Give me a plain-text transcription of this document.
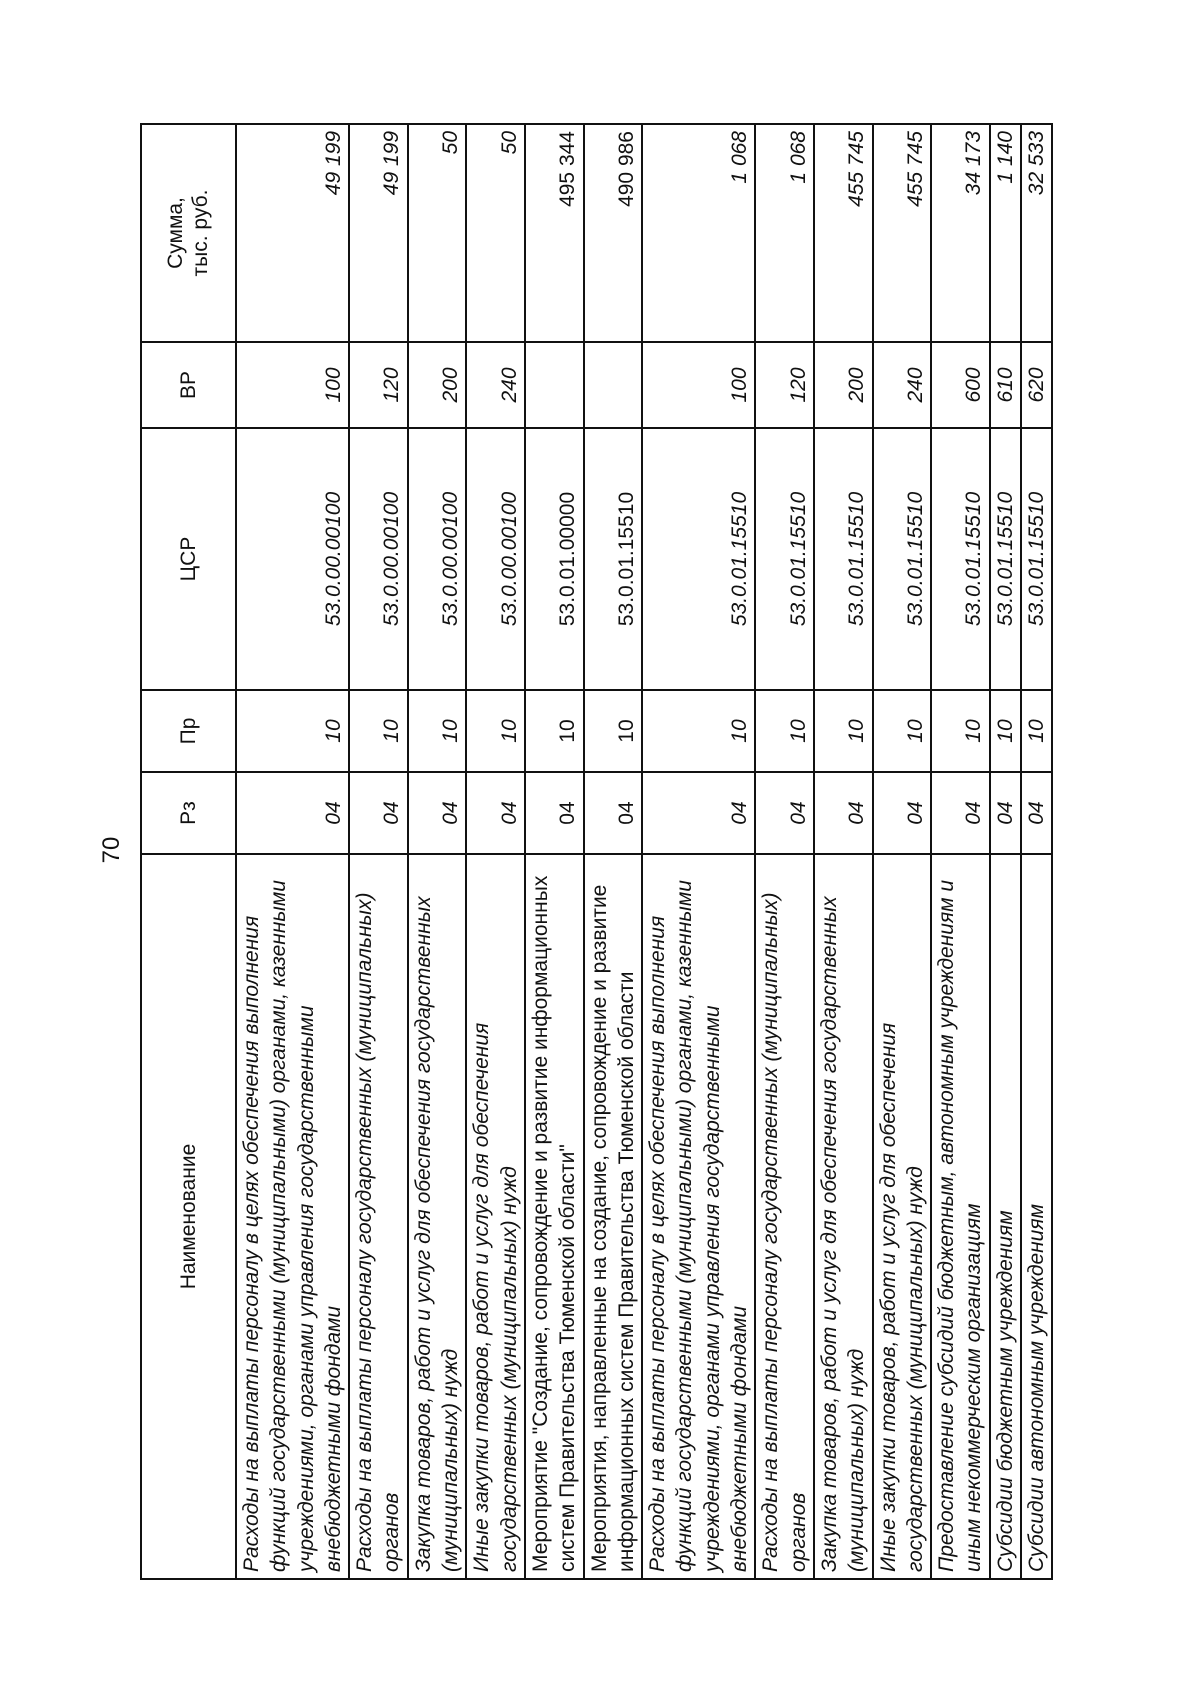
70
Наименование	Рз	Пр	ЦСР	ВР	Сумма, тыс. руб.

Расходы на выплаты персоналу в целях обеспечения выполнения функций государственными (муниципальными) органами, казенными учреждениями, органами управления государственными внебюджетными фондами	04	10	53.0.00.00100	100	49 199
Расходы на выплаты персоналу государственных (муниципальных) органов	04	10	53.0.00.00100	120	49 199
Закупка товаров, работ и услуг для обеспечения государственных (муниципальных) нужд	04	10	53.0.00.00100	200	50
Иные закупки товаров, работ и услуг для обеспечения государственных (муниципальных) нужд	04	10	53.0.00.00100	240	50
Мероприятие "Создание, сопровождение и развитие информационных систем Правительства Тюменской области"	04	10	53.0.01.00000		495 344
Мероприятия, направленные на создание, сопровождение и развитие информационных систем Правительства Тюменской области	04	10	53.0.01.15510		490 986
Расходы на выплаты персоналу в целях обеспечения выполнения функций государственными (муниципальными) органами, казенными учреждениями, органами управления государственными внебюджетными фондами	04	10	53.0.01.15510	100	1 068
Расходы на выплаты персоналу государственных (муниципальных) органов	04	10	53.0.01.15510	120	1 068
Закупка товаров, работ и услуг для обеспечения государственных (муниципальных) нужд	04	10	53.0.01.15510	200	455 745
Иные закупки товаров, работ и услуг для обеспечения государственных (муниципальных) нужд	04	10	53.0.01.15510	240	455 745
Предоставление субсидий бюджетным, автономным учреждениям и иным некоммерческим организациям	04	10	53.0.01.15510	600	34 173
Субсидии бюджетным учреждениям	04	10	53.0.01.15510	610	1 140
Субсидии автономным учреждениям	04	10	53.0.01.15510	620	32 533
